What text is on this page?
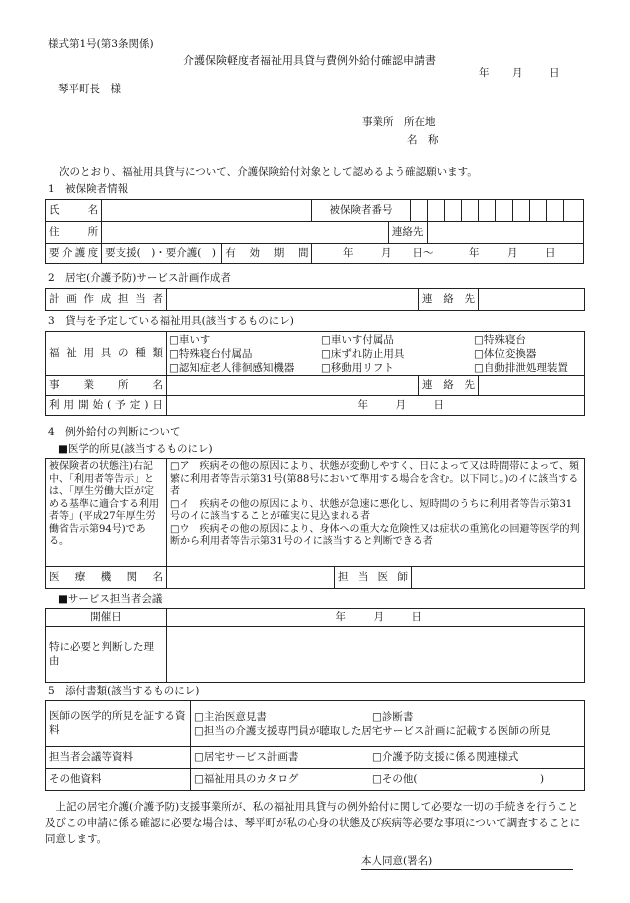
様式第1号(第3条関係)
介護保険軽度者福祉用具貸与費例外給付確認申請書
年 月	日
琴平町長　様
事業所　所在地
名　称
次のとおり、福祉用具貸与について、介護保険給付対象として認めるよう確認願います。
1　被保険者情報
氏　名			被保険者番号											
住　所				連絡先										
要介護度	要支援(　)・要介護(　)	有効期間	年 月 日〜 年 月 日											
2　居宅(介護予防)サービス計画作成者
計画作成担当者		連絡先	
3　貸与を予定している福祉用具(該当するものにレ)
福祉用具の種類	□車いす □車いす付属品 □特殊寝台
□特殊寝台付属品 □床ずれ防止用具 □体位変換器
□認知症老人徘徊感知機器 □移動用リフト □自動排泄処理装置		

事業所名		連絡先	
利用開始(予定)日	年 月 日		
4　例外給付の判断について
■医学的所見(該当するものにレ)
被保険者の状態注)右記中、「利用者等告示」とは、「厚生労働大臣が定める基準に適合する利用者等」(平成27年厚生労働省告示第94号)である。	□ア　疾病その他の原因により、状態が変動しやすく、日によって又は時間帯によって、頻繁に利用者等告示第31号(第88号において準用する場合を含む。以下同じ。)のイに該当する者
□イ　疾病その他の原因により、状態が急速に悪化し、短時間のうちに利用者等告示第31号のイに該当することが確実に見込まれる者
□ウ　疾病その他の原因により、身体への重大な危険性又は症状の重篤化の回避等医学的判断から利用者等告示第31号のイに該当すると判断できる者		

医療機関名		担当医師	
■サービス担当者会議
開催日	年 月 日
特に必要と判断した理由	
5　添付書類(該当するものにレ)
医師の医学的所見を証する資料	□主治医意見書 □診断書
□担当の介護支援専門員が聴取した居宅サービス計画に記載する医師の所見

担当者会議等資料	□居宅サービス計画書 □介護予防支援に係る関連様式
その他資料	□福祉用具のカタログ □その他( )
上記の居宅介護(介護予防)支援事業所が、私の福祉用具貸与の例外給付に関して必要な一切の手続きを行うこと及びこの申請に係る確認に必要な場合は、琴平町が私の心身の状態及び疾病等必要な事項について調査することに同意します。
本人同意(署名)
